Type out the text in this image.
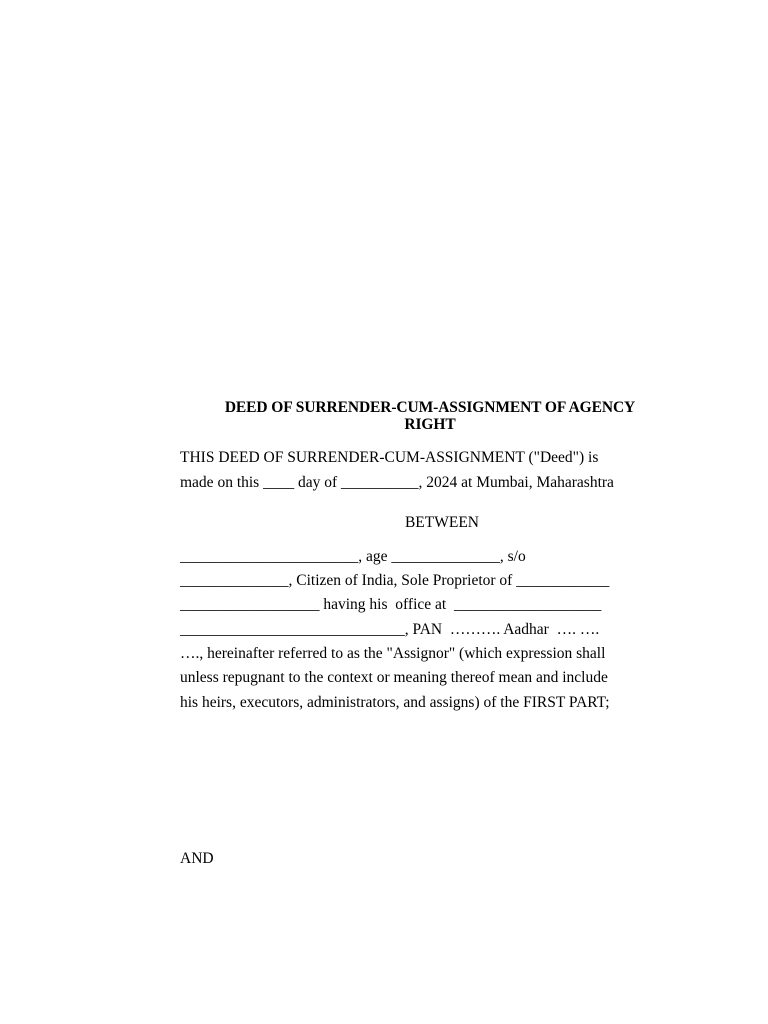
DEED OF SURRENDER-CUM-ASSIGNMENT OF AGENCY
RIGHT
THIS DEED OF SURRENDER-CUM-ASSIGNMENT ("Deed") is
made on this ____ day of __________, 2024 at Mumbai, Maharashtra
BETWEEN
_______________________, age ______________, s/o
______________, Citizen of India, Sole Proprietor of ____________
__________________ having his  office at  ___________________
_____________________________, PAN  ………. Aadhar  …. ….
…., hereinafter referred to as the "Assignor" (which expression shall
unless repugnant to the context or meaning thereof mean and include
his heirs, executors, administrators, and assigns) of the FIRST PART;
AND
